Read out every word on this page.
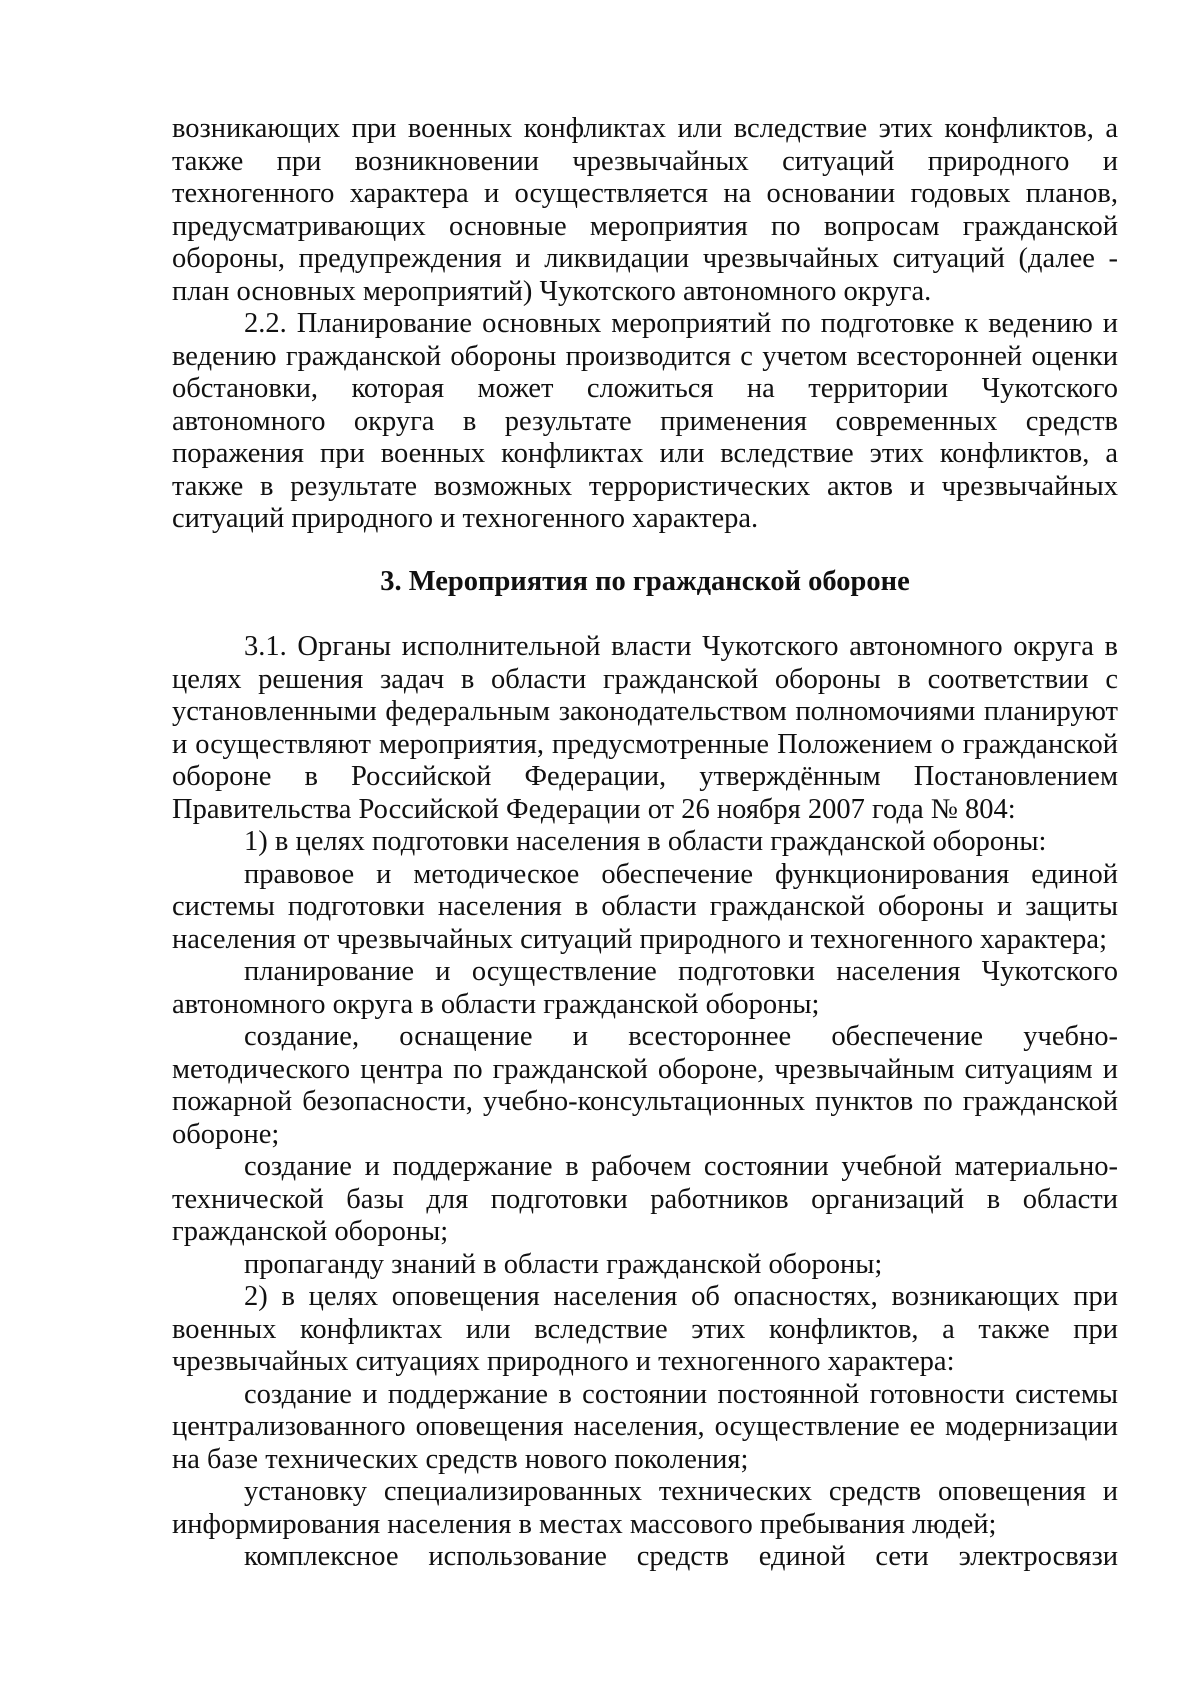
возникающих при военных конфликтах или вследствие этих конфликтов, а также при возникновении чрезвычайных ситуаций природного и техногенного характера и осуществляется на основании годовых планов, предусматривающих основные мероприятия по вопросам гражданской обороны, предупреждения и ликвидации чрезвычайных ситуаций (далее - план основных мероприятий) Чукотского автономного округа.

2.2. Планирование основных мероприятий по подготовке к ведению и ведению гражданской обороны производится с учетом всесторонней оценки обстановки, которая может сложиться на территории Чукотского автономного округа в результате применения современных средств поражения при военных конфликтах или вследствие этих конфликтов, а также в результате возможных террористических актов и чрезвычайных ситуаций природного и техногенного характера.

3. Мероприятия по гражданской обороне

3.1. Органы исполнительной власти Чукотского автономного округа в целях решения задач в области гражданской обороны в соответствии с установленными федеральным законодательством полномочиями планируют и осуществляют мероприятия, предусмотренные Положением о гражданской обороне в Российской Федерации, утверждённым Постановлением Правительства Российской Федерации от 26 ноября 2007 года № 804:

1) в целях подготовки населения в области гражданской обороны:

правовое и методическое обеспечение функционирования единой системы подготовки населения в области гражданской обороны и защиты населения от чрезвычайных ситуаций природного и техногенного характера;

планирование и осуществление подготовки населения Чукотского автономного округа в области гражданской обороны;

создание, оснащение и всестороннее обеспечение учебно-методического центра по гражданской обороне, чрезвычайным ситуациям и пожарной безопасности, учебно-консультационных пунктов по гражданской обороне;

создание и поддержание в рабочем состоянии учебной материально-технической базы для подготовки работников организаций в области гражданской обороны;

пропаганду знаний в области гражданской обороны;

2) в целях оповещения населения об опасностях, возникающих при военных конфликтах или вследствие этих конфликтов, а также при чрезвычайных ситуациях природного и техногенного характера:

создание и поддержание в состоянии постоянной готовности системы централизованного оповещения населения, осуществление ее модернизации на базе технических средств нового поколения;

установку специализированных технических средств оповещения и информирования населения в местах массового пребывания людей;

комплексное использование средств единой сети электросвязи
